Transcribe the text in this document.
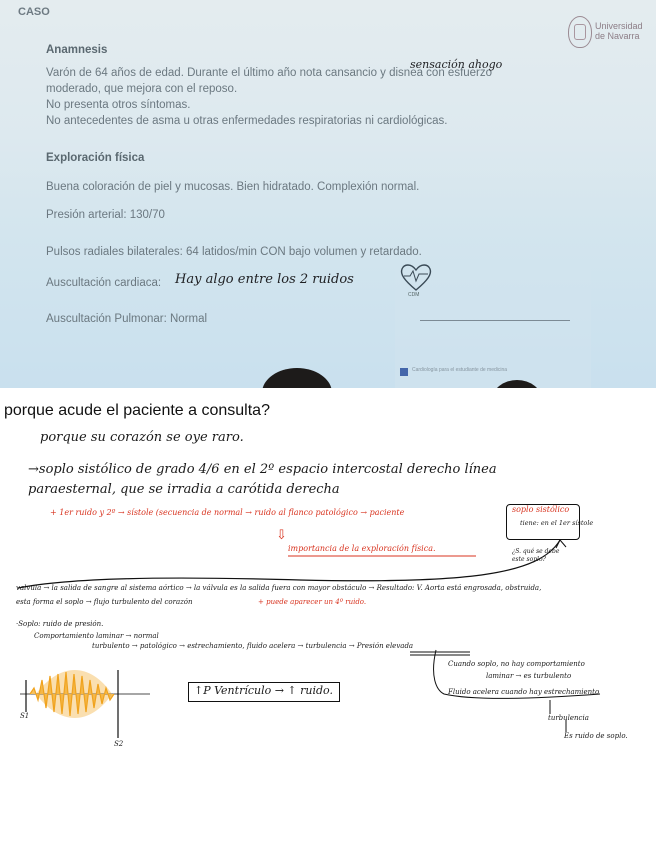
CASO
Universidad
de Navarra
Anamnesis

Varón de 64 años de edad. Durante el último año nota cansancio y disnea con esfuerzo

moderado, que mejora con el reposo.

No presenta otros síntomas.

No antecedentes de asma u otras enfermedades respiratorias ni cardiológicas.

sensación ahogo
Exploración física

Buena coloración de piel y mucosas. Bien hidratado. Complexión normal.

Presión arterial: 130/70

Pulsos radiales bilaterales: 64 latidos/min CON bajo volumen y retardado.

Auscultación cardiaca: Hay algo entre los 2 ruidos

Auscultación Pulmonar: Normal

CDM
Cardiología para el estudiante de medicina
porque acude el paciente a consulta?
porque su corazón se oye raro.
→soplo sistólico de grado 4/6 en el 2º espacio intercostal derecho línea
paraesternal, que se irradia a carótida derecha
+ 1er ruido y 2º → sístole (secuencia de normal → ruido al flanco patológico → paciente	soplo sistólico
tiene: en el 1er sístole
⇩
importancia de la exploración física.	¿S. qué se debe este soplo?
valvula → la salida de sangre al sistema aórtico → la válvula es la salida fuera con mayor obstáculo → Resultado: V. Aorta está engrosada, obstruida,
esta forma el soplo → flujo turbulento del corazón	+ puede aparecer un 4º ruido.
·Soplo: ruido de presión.
Comportamiento laminar → normal
turbulento → patológico → estrechamiento, fluido acelera → turbulencia → Presión elevada
Cuando soplo, no hay comportamiento
laminar → es turbulento
Fluido acelera cuando hay estrechamiento
turbulencia
Es ruido de soplo.
↑P Ventrículo → ↑ ruido.
S1
S2
